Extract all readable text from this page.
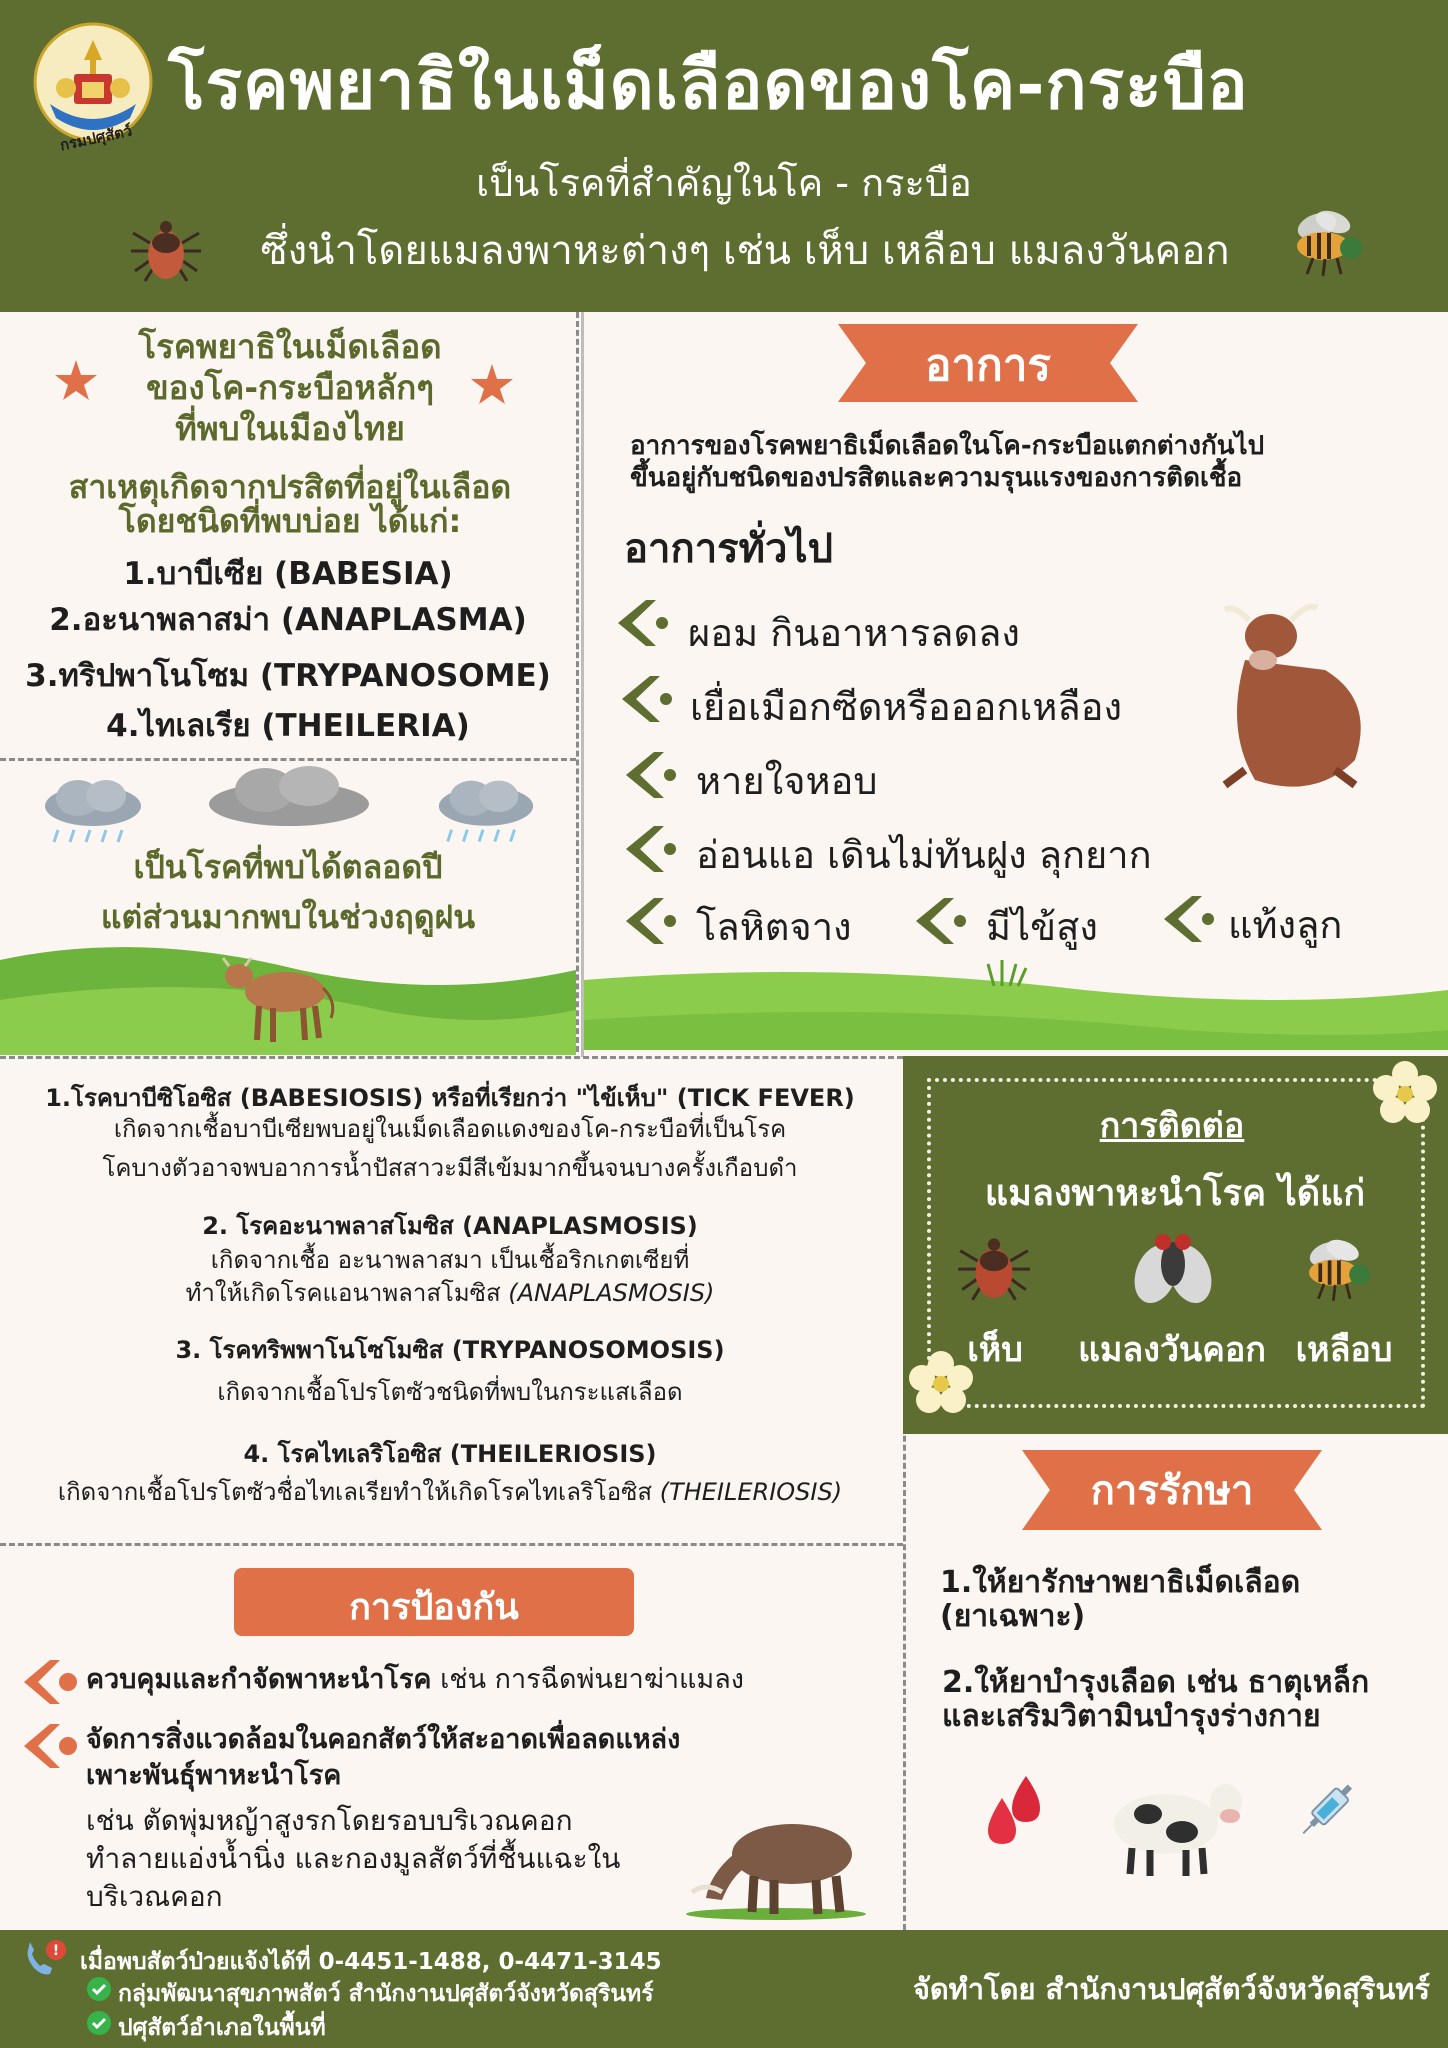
กรมปศุสัตว์
โรคพยาธิในเม็ดเลือดของโค-กระบือ
เป็นโรคที่สำคัญในโค - กระบือ
ซึ่งนำโดยแมลงพาหะต่างๆ เช่น เห็บ เหลือบ แมลงวันคอก
โรคพยาธิในเม็ดเลือด
ของโค-กระบือหลักๆ
ที่พบในเมืองไทย
สาเหตุเกิดจากปรสิตที่อยู่ในเลือด
โดยชนิดที่พบบ่อย ได้แก่:
1.บาบีเซีย (BABESIA)
2.อะนาพลาสม่า (ANAPLASMA)
3.ทริปพาโนโซม (TRYPANOSOME)
4.ไทเลเรีย (THEILERIA)
เป็นโรคที่พบได้ตลอดปี
แต่ส่วนมากพบในช่วงฤดูฝน
อาการ
อาการของโรคพยาธิเม็ดเลือดในโค-กระบือแตกต่างกันไป
ขึ้นอยู่กับชนิดของปรสิตและความรุนแรงของการติดเชื้อ
อาการทั่วไป
ผอม กินอาหารลดลง
เยื่อเมือกซีดหรือออกเหลือง
หายใจหอบ
อ่อนแอ เดินไม่ทันฝูง ลุกยาก
โลหิตจาง	มีไข้สูง	แท้งลูก
1.โรคบาบีซิโอซิส (BABESIOSIS) หรือที่เรียกว่า "ไข้เห็บ" (TICK FEVER)
เกิดจากเชื้อบาบีเซียพบอยู่ในเม็ดเลือดแดงของโค-กระบือที่เป็นโรค
โคบางตัวอาจพบอาการน้ำปัสสาวะมีสีเข้มมากขึ้นจนบางครั้งเกือบดำ
2. โรคอะนาพลาสโมซิส (ANAPLASMOSIS)
เกิดจากเชื้อ อะนาพลาสมา เป็นเชื้อริกเกตเซียที่
ทำให้เกิดโรคแอนาพลาสโมซิส (ANAPLASMOSIS)
3. โรคทริพพาโนโซโมซิส (TRYPANOSOMOSIS)
เกิดจากเชื้อโปรโตซัวชนิดที่พบในกระแสเลือด
4. โรคไทเลริโอซิส (THEILERIOSIS)
เกิดจากเชื้อโปรโตซัวชื่อไทเลเรียทำให้เกิดโรคไทเลริโอซิส (THEILERIOSIS)
การติดต่อ
แมลงพาหะนำโรค ได้แก่
เห็บ	แมลงวันคอก เหลือบ
การรักษา
1.ให้ยารักษาพยาธิเม็ดเลือด
(ยาเฉพาะ)
2.ให้ยาบำรุงเลือด เช่น ธาตุเหล็ก
และเสริมวิตามินบำรุงร่างกาย
การป้องกัน
ควบคุมและกำจัดพาหะนำโรค เช่น การฉีดพ่นยาฆ่าแมลง
จัดการสิ่งแวดล้อมในคอกสัตว์ให้สะอาดเพื่อลดแหล่ง
เพาะพันธุ์พาหะนำโรค
เช่น ตัดพุ่มหญ้าสูงรกโดยรอบบริเวณคอก
ทำลายแอ่งน้ำนิ่ง และกองมูลสัตว์ที่ชื้นแฉะใน
บริเวณคอก
! เมื่อพบสัตว์ป่วยแจ้งได้ที่ 0-4451-1488, 0-4471-3145
กลุ่มพัฒนาสุขภาพสัตว์ สำนักงานปศุสัตว์จังหวัดสุรินทร์
ปศุสัตว์อำเภอในพื้นที่
จัดทำโดย สำนักงานปศุสัตว์จังหวัดสุรินทร์
